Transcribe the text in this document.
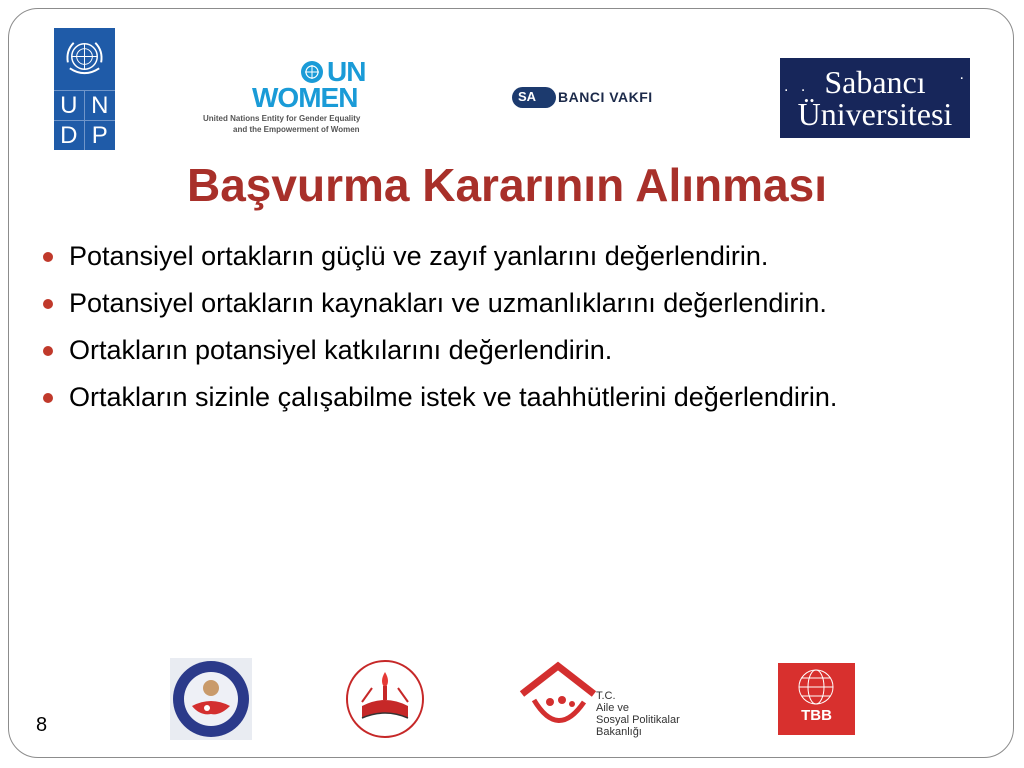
U N
D P
UN
WOMEN
United Nations Entity for Gender Equality
and the Empowerment of Women
SA BANCI VAKFI
. .
.
Sabancı
Üniversitesi
Başvurma Kararının Alınması
Potansiyel ortakların güçlü ve zayıf yanlarını değerlendirin.
Potansiyel ortakların kaynakları ve uzmanlıklarını değerlendirin.
Ortakların potansiyel katkılarını değerlendirin.
Ortakların sizinle çalışabilme istek ve taahhütlerini değerlendirin.
8
T.C.
Aile ve
Sosyal Politikalar
Bakanlığı
TBB
